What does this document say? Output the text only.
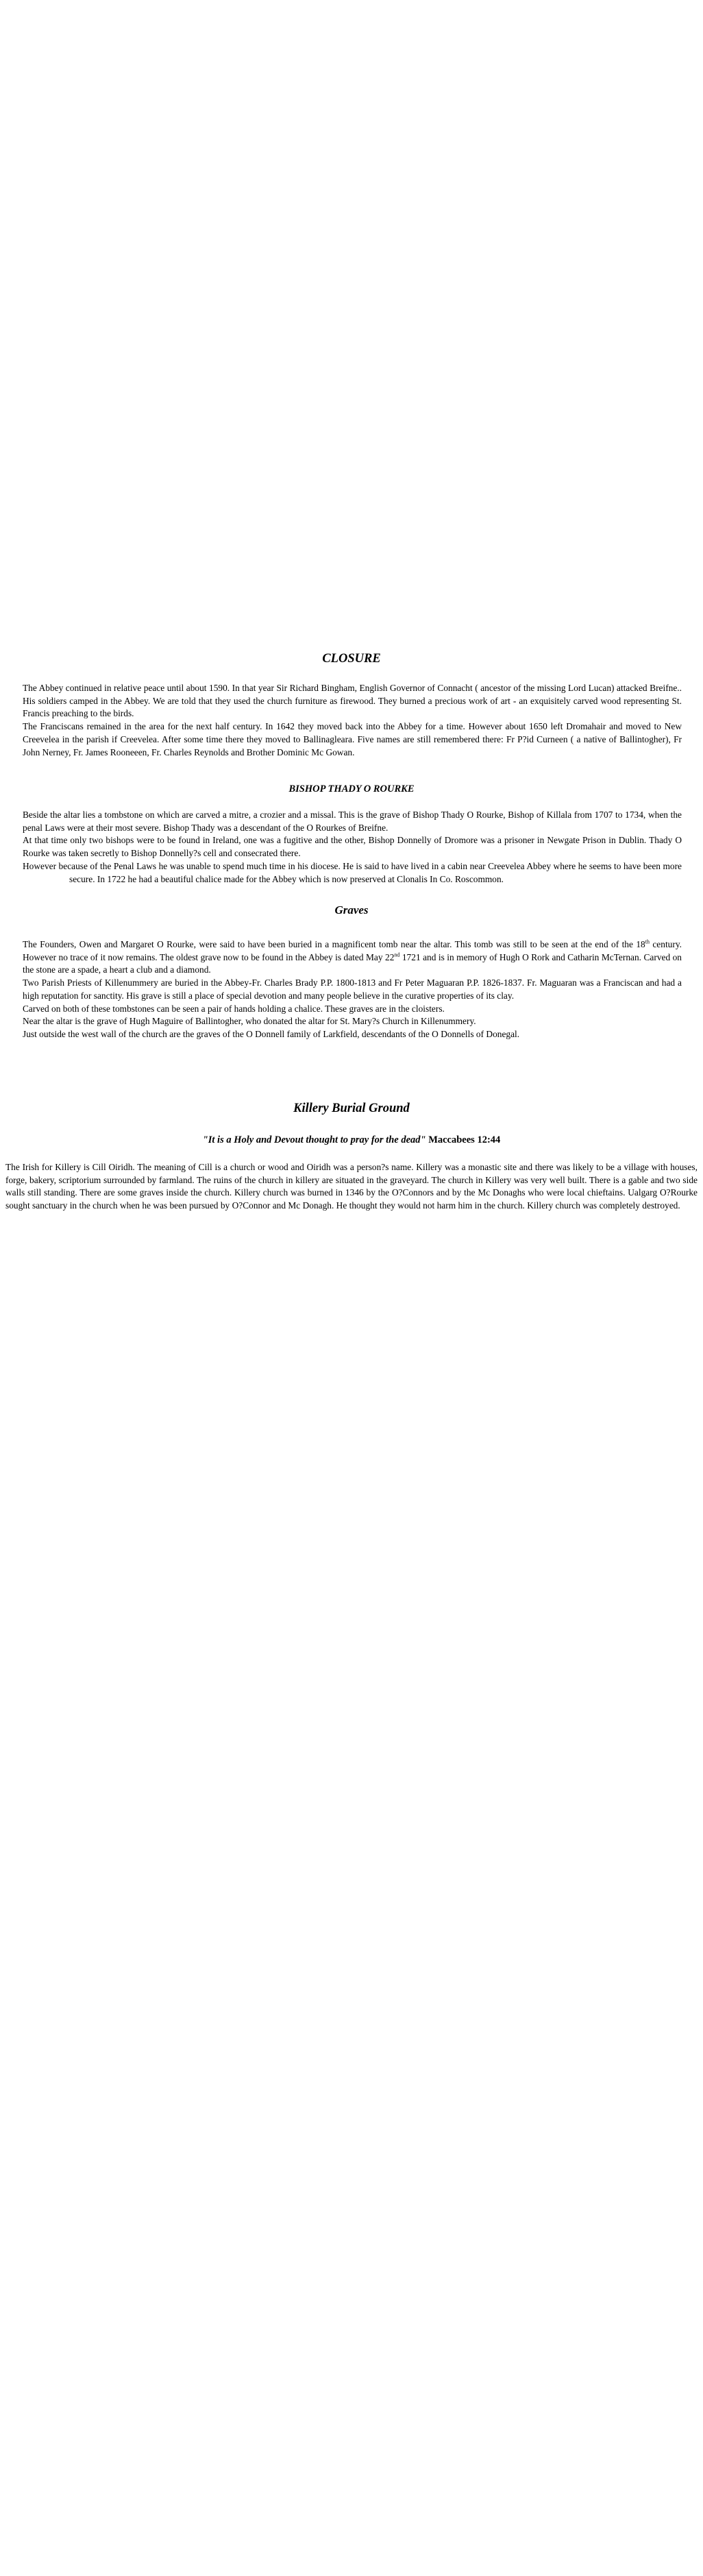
CLOSURE

The Abbey continued in relative peace until about 1590. In that year Sir Richard Bingham, English Governor of Connacht ( ancestor of the missing Lord Lucan) attacked Breifne.. His soldiers camped in the Abbey. We are told that they used the church furniture as firewood. They burned a precious work of art - an exquisitely carved wood representing St. Francis preaching to the birds.

The Franciscans remained in the area for the next half century. In 1642 they moved back into the Abbey for a time. However about 1650 left Dromahair and moved to New Creevelea in the parish if Creevelea. After some time there they moved to Ballinagleara. Five names are still remembered there: Fr P?id Curneen ( a native of Ballintogher), Fr John Nerney, Fr. James Rooneeen, Fr. Charles Reynolds and Brother Dominic Mc Gowan.

BISHOP THADY O ROURKE

Beside the altar lies a tombstone on which are carved a mitre, a crozier and a missal. This is the grave of Bishop Thady O Rourke, Bishop of Killala from 1707 to 1734, when the penal Laws were at their most severe. Bishop Thady was a descendant of the O Rourkes of Breifne.

At that time only two bishops were to be found in Ireland, one was a fugitive and the other, Bishop Donnelly of Dromore was a prisoner in Newgate Prison in Dublin. Thady O Rourke was taken secretly to Bishop Donnelly?s cell and consecrated there.

However because of the Penal Laws he was unable to spend much time in his diocese. He is said to have lived in a cabin near Creevelea Abbey where he seems to have been more secure. In 1722 he had a beautiful chalice made for the Abbey which is now preserved at Clonalis In Co. Roscommon.

Graves

The Founders, Owen and Margaret O Rourke, were said to have been buried in a magnificent tomb near the altar. This tomb was still to be seen at the end of the 18th century. However no trace of it now remains. The oldest grave now to be found in the Abbey is dated May 22nd 1721 and is in memory of Hugh O Rork and Catharin McTernan. Carved on the stone are a spade, a heart a club and a diamond.

Two Parish Priests of Killenummery are buried in the Abbey-Fr. Charles Brady P.P. 1800-1813 and Fr Peter Maguaran P.P. 1826-1837. Fr. Maguaran was a Franciscan and had a high reputation for sanctity. His grave is still a place of special devotion and many people believe in the curative properties of its clay.

Carved on both of these tombstones can be seen a pair of hands holding a chalice. These graves are in the cloisters.

Near the altar is the grave of Hugh Maguire of Ballintogher, who donated the altar for St. Mary?s Church in Killenummery.

Just outside the west wall of the church are the graves of the O Donnell family of Larkfield, descendants of the O Donnells of Donegal.

Killery Burial Ground

"It is a Holy and Devout thought to pray for the dead" Maccabees 12:44

The Irish for Killery is Cill Oiridh. The meaning of Cill is a church or wood and Oiridh was a person?s name. Killery was a monastic site and there was likely to be a village with houses, forge, bakery, scriptorium surrounded by farmland. The ruins of the church in killery are situated in the graveyard. The church in Killery was very well built. There is a gable and two side walls still standing. There are some graves inside the church. Killery church was burned in 1346 by the O?Connors and by the Mc Donaghs who were local chieftains. Ualgarg O?Rourke sought sanctuary in the church when he was been pursued by O?Connor and Mc Donagh. He thought they would not harm him in the church. Killery church was completely destroyed.
